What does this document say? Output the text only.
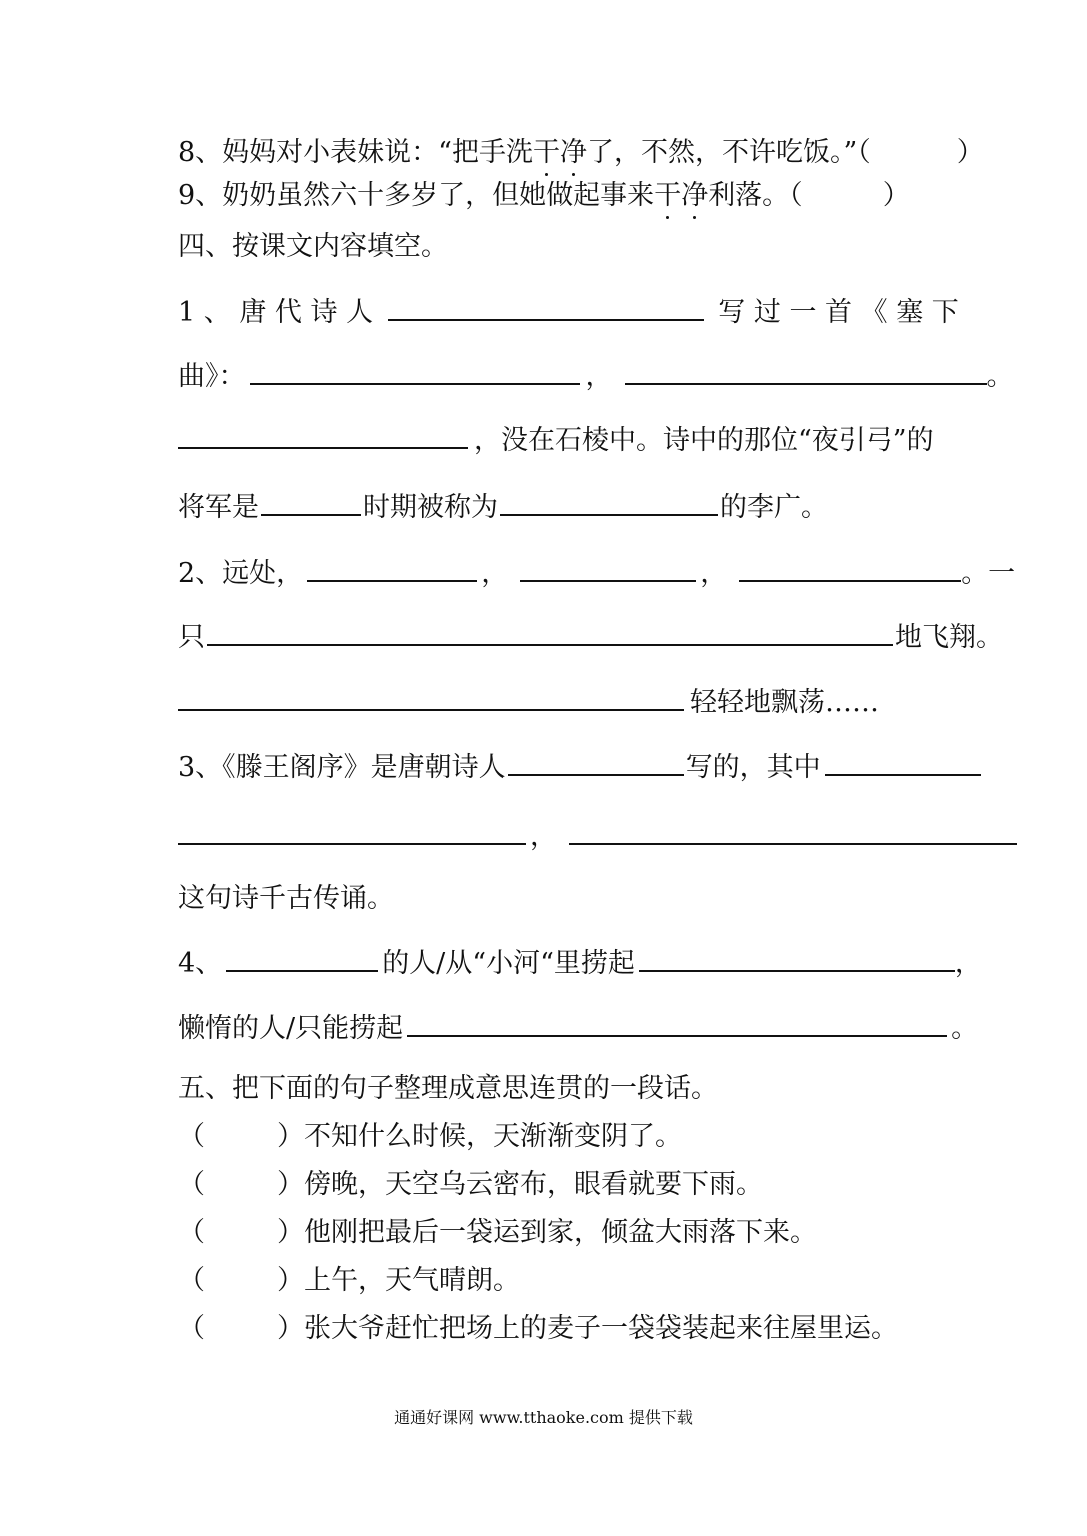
8、妈妈对小表妹说：“把手洗干净了，不然，不许吃饭。”（	）
9、奶奶虽然六十多岁了，但她做起事来干净利落。（	）
四、按课文内容填空。
1 、 唐 代 诗 人	写 过 一 首 《 塞 下
曲》：	，	。
，没在石棱中。诗中的那位“夜引弓”的
将军是	时期被称为	的李广。
2、远处，	，	，	。一
只	地飞翔。
轻轻地飘荡……
3、《滕王阁序》是唐朝诗人	写的，其中
，
这句诗千古传诵。
4、	的人/从“小河“里捞起	，
懒惰的人/只能捞起	。
五、把下面的句子整理成意思连贯的一段话。
（	）不知什么时候，天渐渐变阴了。
（	）傍晚，天空乌云密布，眼看就要下雨。
（	）他刚把最后一袋运到家，倾盆大雨落下来。
（	）上午，天气晴朗。
（	）张大爷赶忙把场上的麦子一袋袋装起来往屋里运。
通通好课网 www.tthaoke.com 提供下载
